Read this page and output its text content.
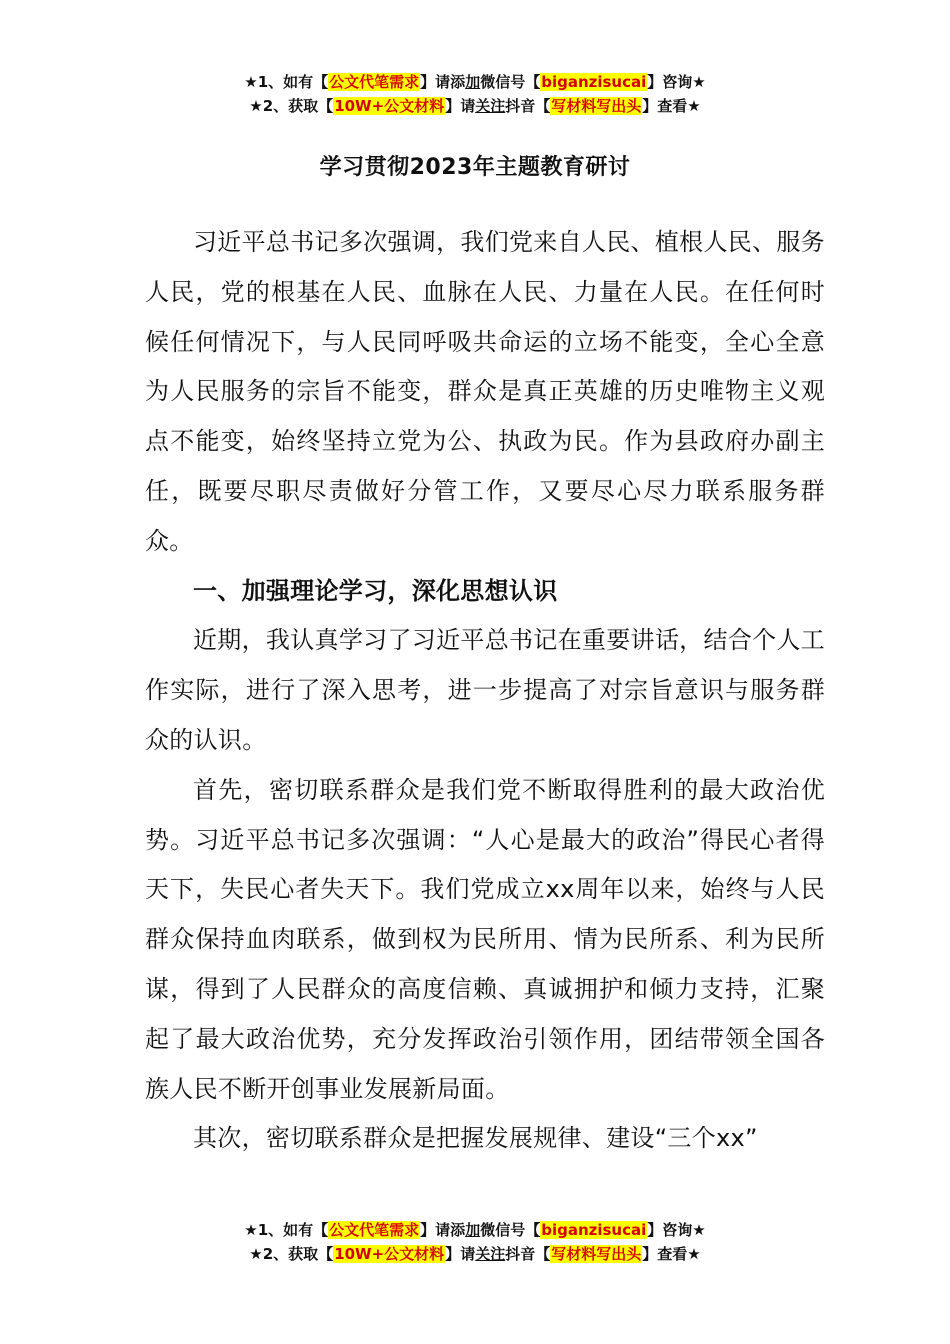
★1、如有【公文代笔需求】请添加微信号【biganzisucai】咨询★
★2、获取【10W+公文材料】请关注抖音【写材料写出头】查看★
学习贯彻2023年主题教育研讨

习近平总书记多次强调，我们党来自人民、植根人民、服务人民，党的根基在人民、血脉在人民、力量在人民。在任何时候任何情况下，与人民同呼吸共命运的立场不能变，全心全意为人民服务的宗旨不能变，群众是真正英雄的历史唯物主义观点不能变，始终坚持立党为公、执政为民。作为县政府办副主任，既要尽职尽责做好分管工作，又要尽心尽力联系服务群众。

一、加强理论学习，深化思想认识

近期，我认真学习了习近平总书记在重要讲话，结合个人工作实际，进行了深入思考，进一步提高了对宗旨意识与服务群众的认识。

首先，密切联系群众是我们党不断取得胜利的最大政治优势。习近平总书记多次强调：“人心是最大的政治”得民心者得天下，失民心者失天下。我们党成立xx周年以来，始终与人民群众保持血肉联系，做到权为民所用、情为民所系、利为民所谋，得到了人民群众的高度信赖、真诚拥护和倾力支持，汇聚起了最大政治优势，充分发挥政治引领作用，团结带领全国各族人民不断开创事业发展新局面。

其次，密切联系群众是把握发展规律、建设“三个xx”

★1、如有【公文代笔需求】请添加微信号【biganzisucai】咨询★
★2、获取【10W+公文材料】请关注抖音【写材料写出头】查看★
